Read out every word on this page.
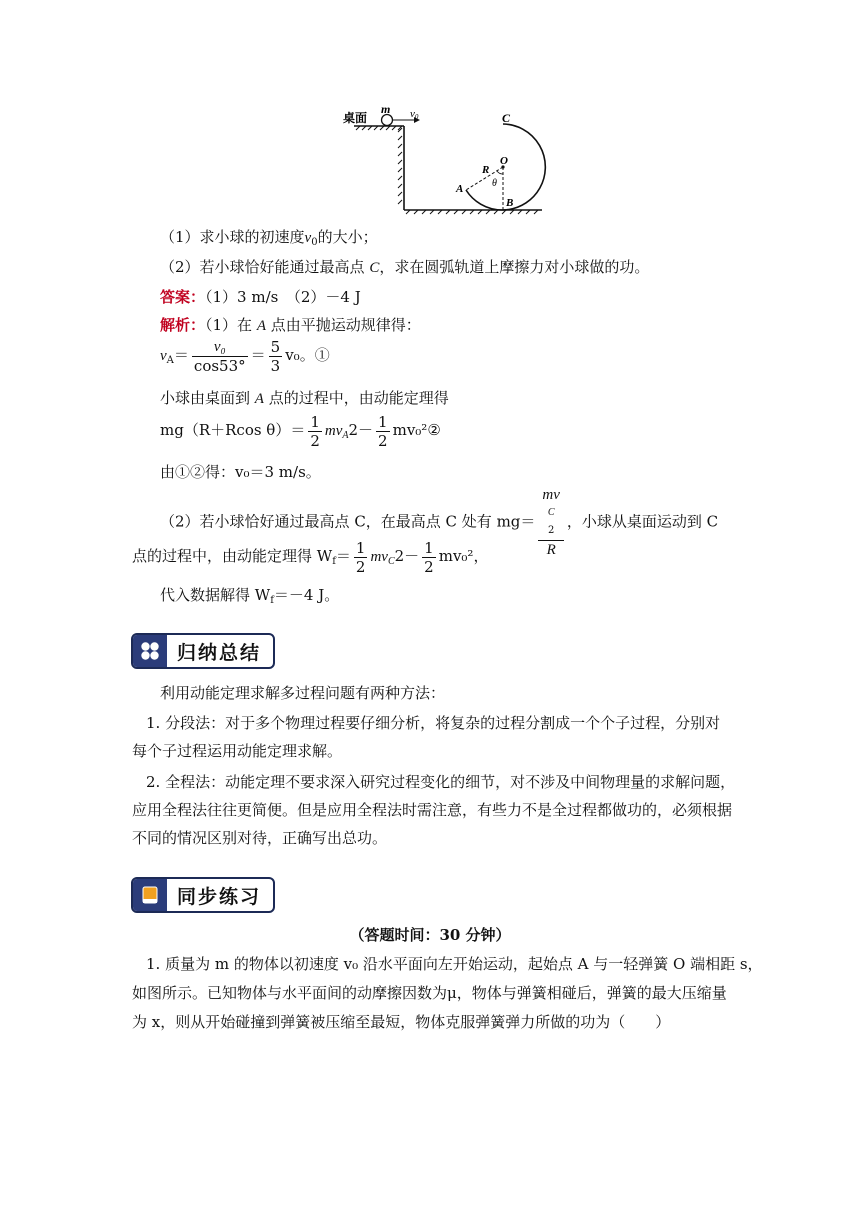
桌面
m v0	C
O
R
θ
A
B
（1）求小球的初速度$v_0$的大小；
（2）若小球恰好能通过最高点 C，求在圆弧轨道上摩擦力对小球做的功。
答案：（1）3 m/s　（2）－4 J
解析：（1）在 A 点由平抛运动规律得：
$v_A= \frac{\text{v₀}}{\cos 53^\circ} = \frac{5}{3} v_0$。①
小球由桌面到 A 点的过程中，由动能定理得
mg（R＋Rcos $\theta)= \frac{1}{2} mv_A2- \frac{1}{2}$ mv₀²②
由①②得：v₀＝3 m/s。
（2）若小球恰好通过最高点 C，在最高点 C 处有 mg＝ mv
C
2
R ，小球从桌面运动到 C
点的过程中，由动能定理得 $W_f= \frac{1}{2} mv_C2- \frac{1}{2} mv_0^2$，
代入数据解得 $W_f=-4$ J。
归纳总结
利用动能定理求解多过程问题有两种方法：
1. 分段法：对于多个物理过程要仔细分析，将复杂的过程分割成一个个子过程，分别对
每个子过程运用动能定理求解。
2. 全程法：动能定理不要求深入研究过程变化的细节，对不涉及中间物理量的求解问题，
应用全程法往往更简便。但是应用全程法时需注意，有些力不是全过程都做功的，必须根据
不同的情况区别对待，正确写出总功。
同步练习
（答题时间：30 分钟）
1. 质量为 m 的物体以初速度 v₀ 沿水平面向左开始运动，起始点 A 与一轻弹簧 O 端相距 s，
如图所示。已知物体与水平面间的动摩擦因数为μ，物体与弹簧相碰后，弹簧的最大压缩量
为 x，则从开始碰撞到弹簧被压缩至最短，物体克服弹簧弹力所做的功为（　　）
